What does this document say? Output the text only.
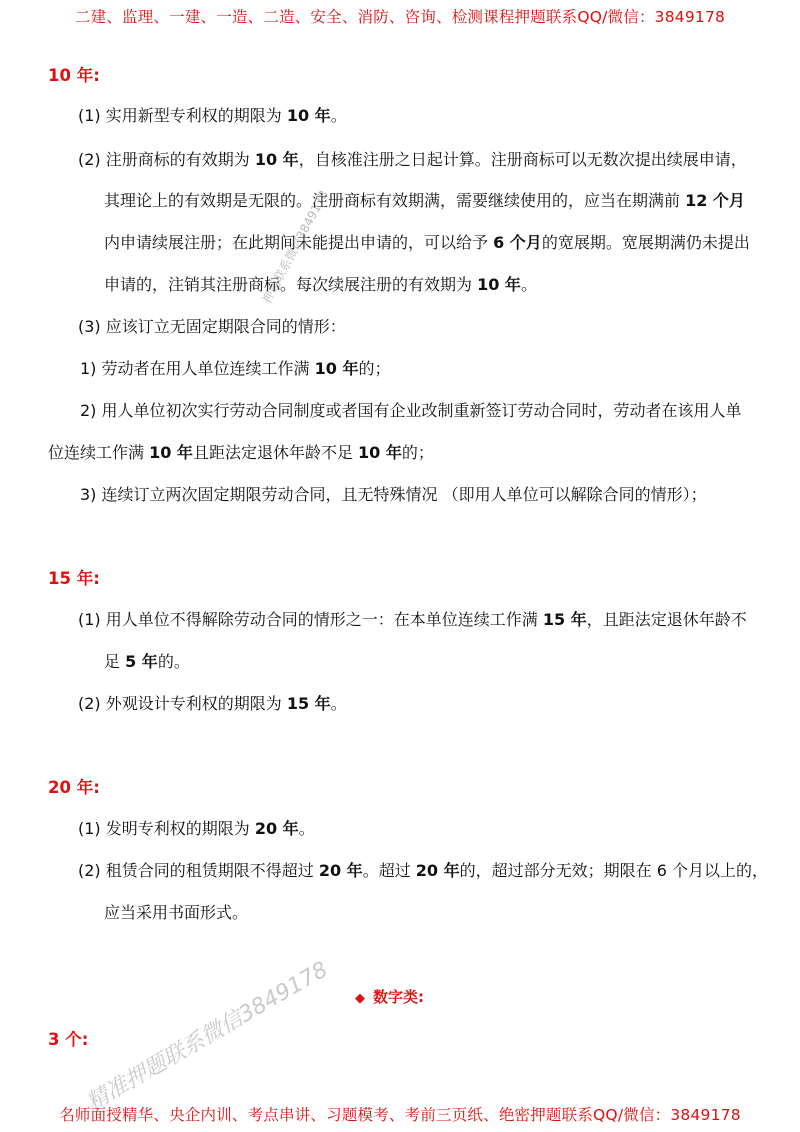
二建、监理、一建、一造、二造、安全、消防、咨询、检测课程押题联系QQ/微信：3849178
10 年:
(1) 实用新型专利权的期限为 10 年。
(2) 注册商标的有效期为 10 年，自核准注册之日起计算。注册商标可以无数次提出续展申请，
其理论上的有效期是无限的。注册商标有效期满，需要继续使用的，应当在期满前 12 个月
内申请续展注册；在此期间未能提出申请的，可以给予 6 个月的宽展期。宽展期满仍未提出
申请的，注销其注册商标。每次续展注册的有效期为 10 年。
(3) 应该订立无固定期限合同的情形：
1) 劳动者在用人单位连续工作满 10 年的；
2) 用人单位初次实行劳动合同制度或者国有企业改制重新签订劳动合同时，劳动者在该用人单
位连续工作满 10 年且距法定退休年龄不足 10 年的；
3) 连续订立两次固定期限劳动合同，且无特殊情况 （即用人单位可以解除合同的情形）；
15 年:
(1) 用人单位不得解除劳动合同的情形之一：在本单位连续工作满 15 年，且距法定退休年龄不
足 5 年的。
(2) 外观设计专利权的期限为 15 年。
20 年:
(1) 发明专利权的期限为 20 年。
(2) 租赁合同的租赁期限不得超过 20 年。超过 20 年的，超过部分无效；期限在 6 个月以上的，
应当采用书面形式。
◆ 数字类:
3 个:
押题联系微信3849178
精准押题联系微信3849178
名师面授精华、央企内训、考点串讲、习题模考、考前三页纸、绝密押题联系QQ/微信：3849178
